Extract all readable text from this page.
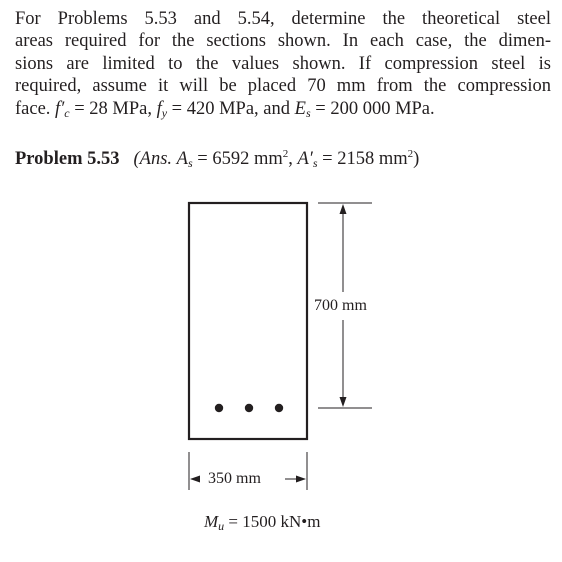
For Problems 5.53 and 5.54, determine the theoretical steel
areas required for the sections shown. In each case, the dimen-
sions are limited to the values shown. If compression steel is
required, assume it will be placed 70 mm from the compression
face. f′c = 28 MPa, fy = 420 MPa, and Es = 200 000 MPa.
Problem 5.53 (Ans. As = 6592 $mm^2$, A′s = 2158 $mm^2$)
700 mm
350 mm
Mu = 1500 kN•m
